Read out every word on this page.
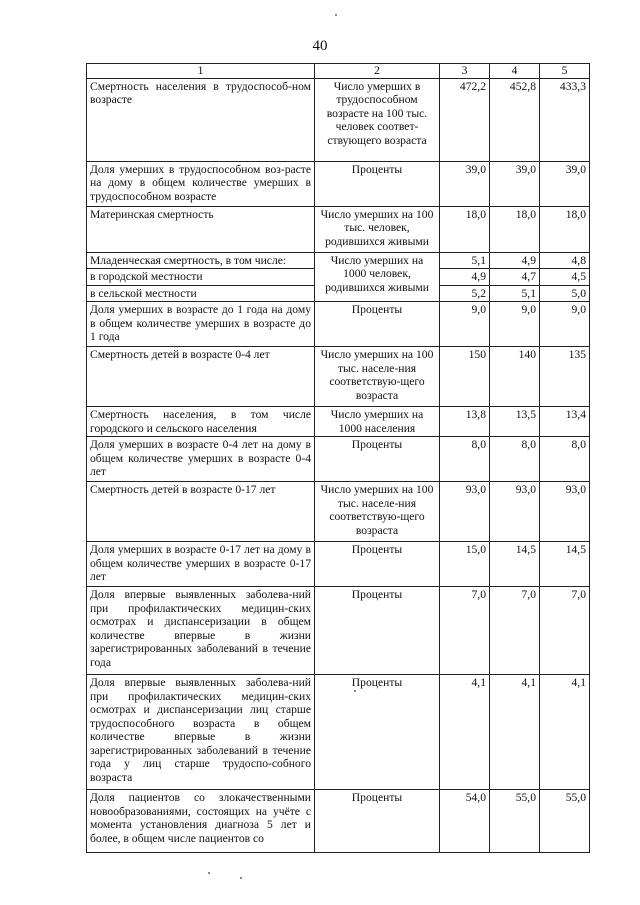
40
1	2	3	4	5
Смертность населения в трудоспособ-ном возрасте	Число умерших в трудоспособном возрасте на 100 тыс. человек соответ-ствующего возраста	472,2	452,8	433,3
Доля умерших в трудоспособном воз-расте на дому в общем количестве умерших в трудоспособном возрасте	Проценты	39,0	39,0	39,0
Материнская смертность	Число умерших на 100 тыс. человек, родившихся живыми	18,0	18,0	18,0
Младенческая смертность, в том числе:	Число умерших на 1000 человек, родившихся живыми	5,1	4,9	4,8
в городской местности		4,9	4,7	4,5
в сельской местности		5,2	5,1	5,0
Доля умерших в возрасте до 1 года на дому в общем количестве умерших в возрасте до 1 года	Проценты	9,0	9,0	9,0
Смертность детей в возрасте 0-4 лет	Число умерших на 100 тыс. населе-ния соответствую-щего возраста	150	140	135
Смертность населения, в том числе городского и сельского населения	Число умерших на 1000 населения	13,8	13,5	13,4
Доля умерших в возрасте 0-4 лет на дому в общем количестве умерших в возрасте 0-4 лет	Проценты	8,0	8,0	8,0
Смертность детей в возрасте 0-17 лет	Число умерших на 100 тыс. населе-ния соответствую-щего возраста	93,0	93,0	93,0
Доля умерших в возрасте 0-17 лет на дому в общем количестве умерших в возрасте 0-17 лет	Проценты	15,0	14,5	14,5
Доля впервые выявленных заболева-ний при профилактических медицин-ских осмотрах и диспансеризации в общем количестве впервые в жизни зарегистрированных заболеваний в течение года	Проценты	7,0	7,0	7,0
Доля впервые выявленных заболева-ний при профилактических медицин-ских осмотрах и диспансеризации лиц старше трудоспособного возраста в общем количестве впервые в жизни зарегистрированных заболеваний в течение года у лиц старше трудоспо-собного возраста	Проценты	4,1	4,1	4,1
Доля пациентов со злокачественными новообразованиями, состоящих на учёте с момента установления диагноза 5 лет и более, в общем числе пациентов со	Проценты	54,0	55,0	55,0
